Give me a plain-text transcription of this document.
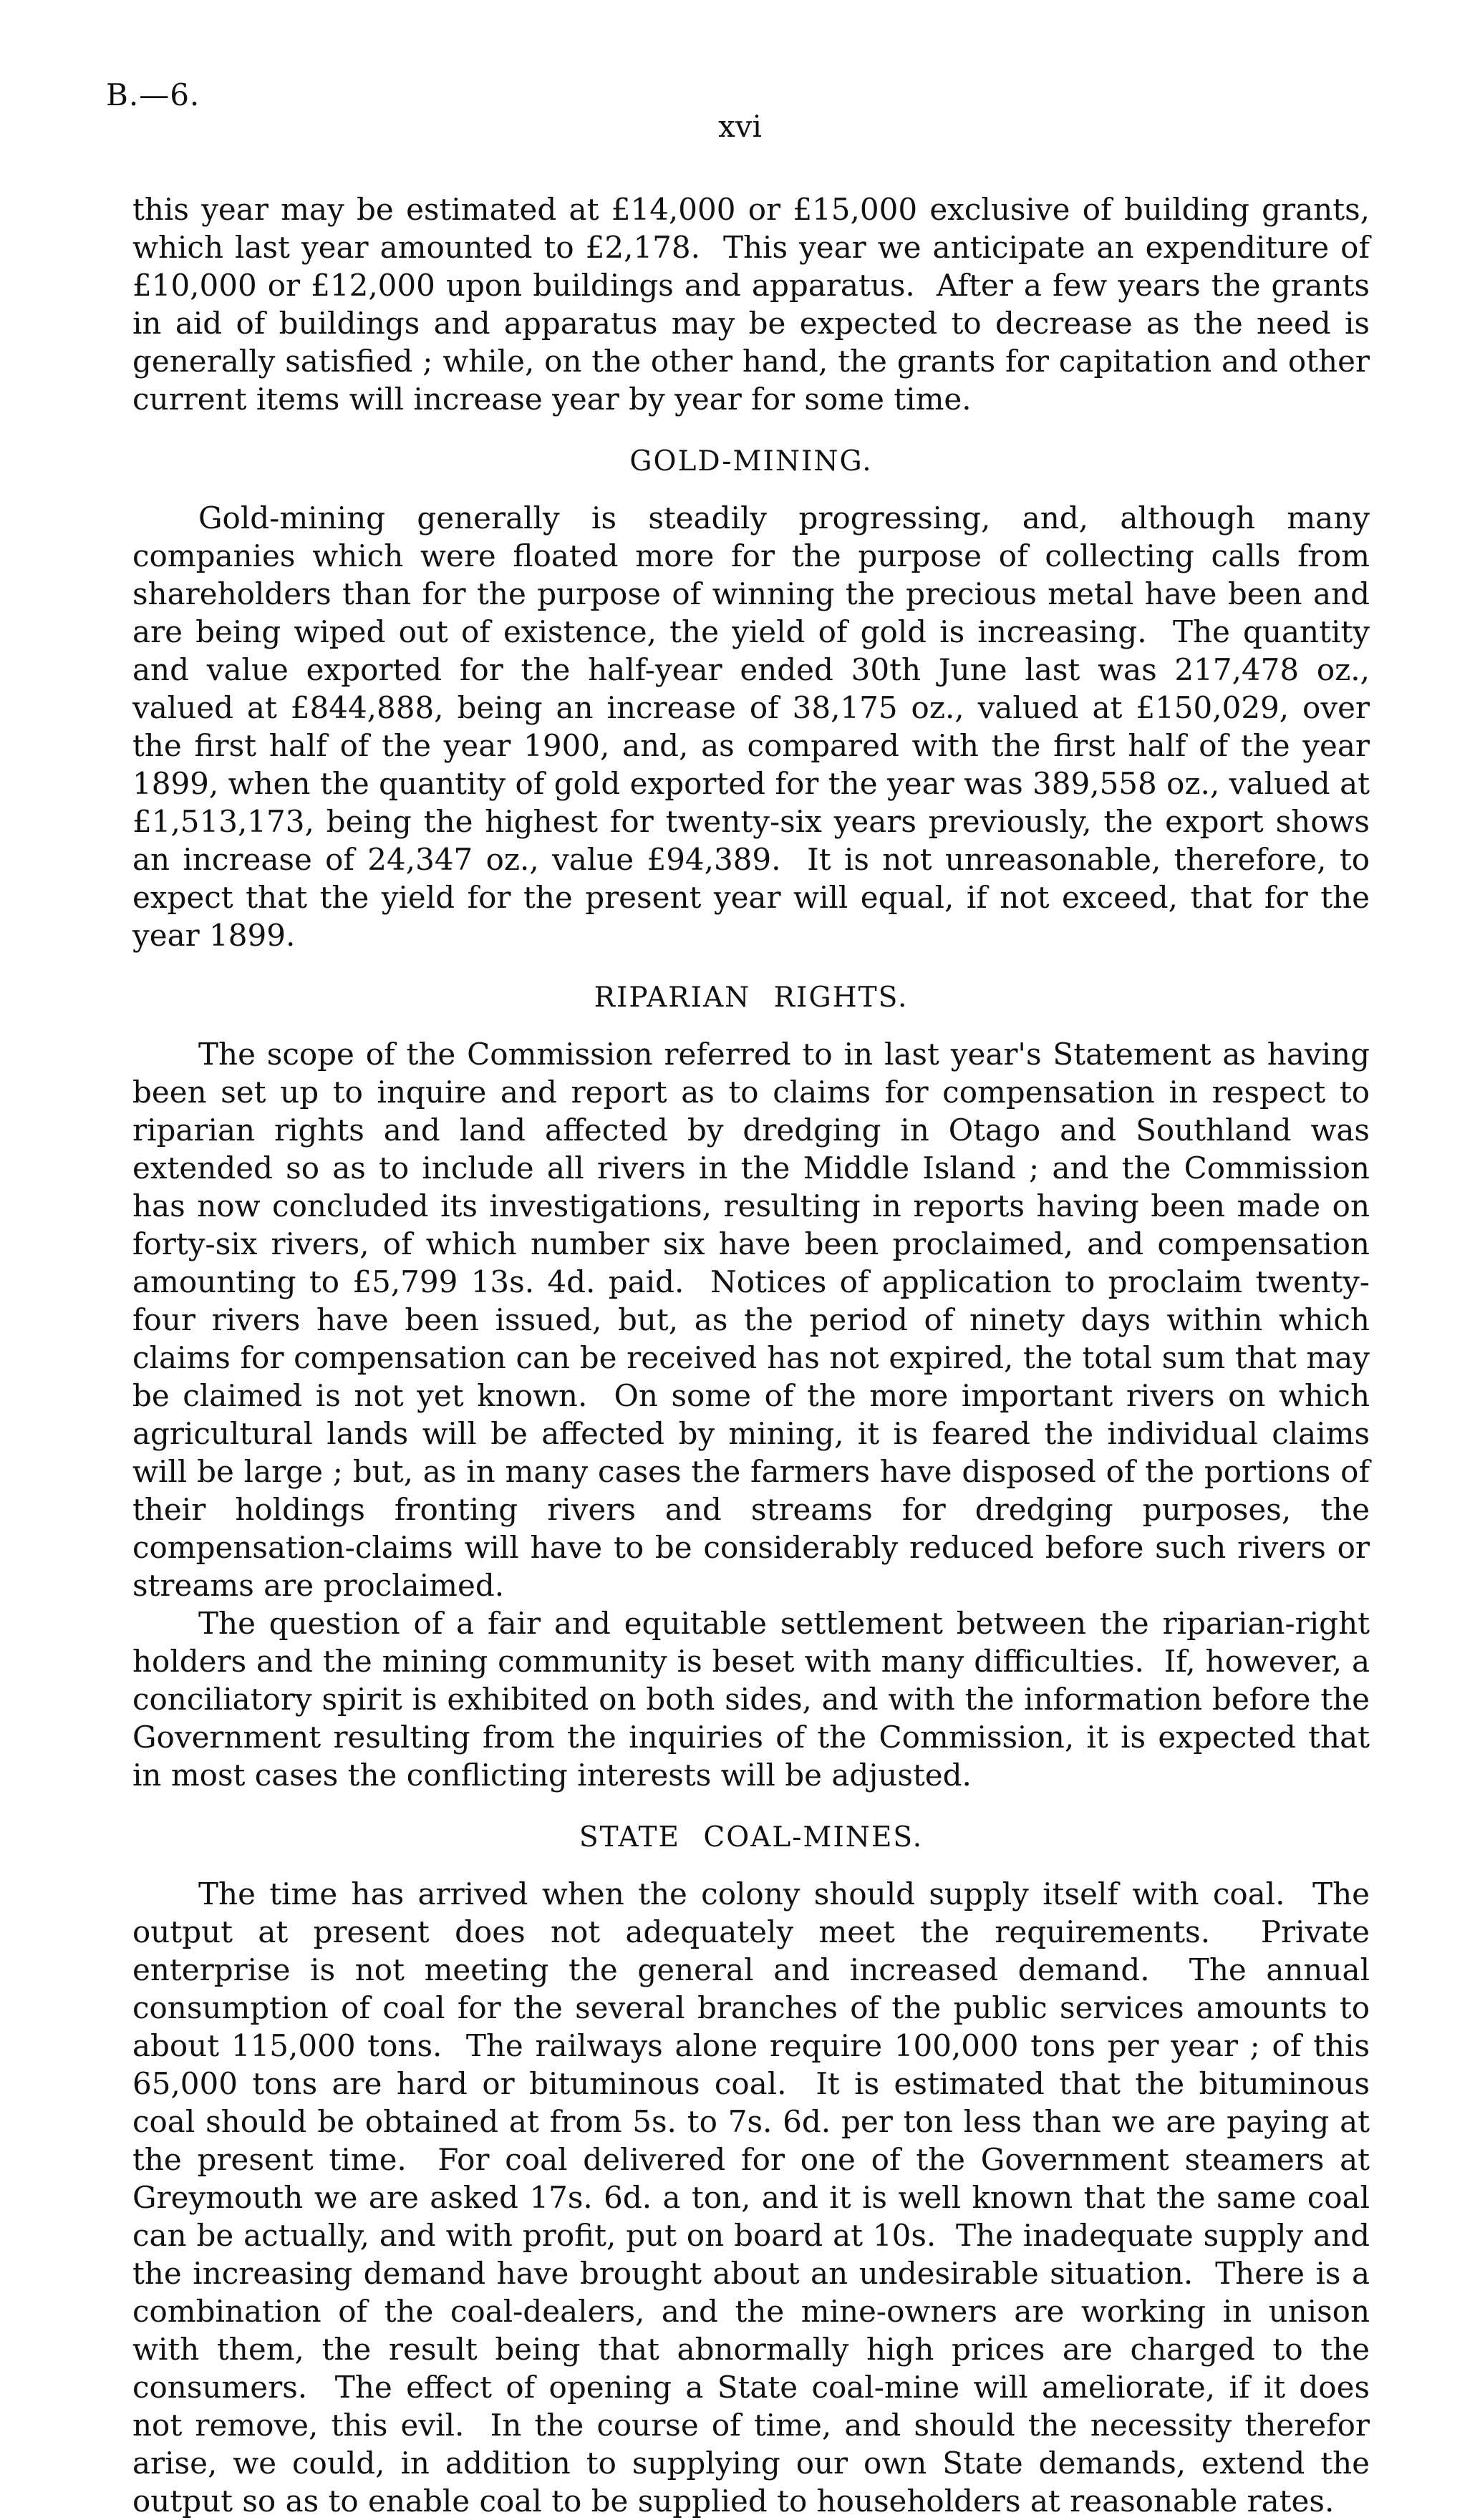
B.—6.
xvi

this year may be estimated at £14,000 or £15,000 exclusive of building grants, which last year amounted to £2,178.  This year we anticipate an expenditure of £10,000 or £12,000 upon buildings and apparatus.  After a few years the grants in aid of buildings and apparatus may be expected to decrease as the need is generally satisfied ; while, on the other hand, the grants for capitation and other current items will increase year by year for some time.

GOLD-MINING.

Gold-mining generally is steadily progressing, and, although many companies which were floated more for the purpose of collecting calls from shareholders than for the purpose of winning the precious metal have been and are being wiped out of existence, the yield of gold is increasing.  The quantity and value exported for the half-year ended 30th June last was 217,478 oz., valued at £844,888, being an increase of 38,175 oz., valued at £150,029, over the first half of the year 1900, and, as compared with the first half of the year 1899, when the quantity of gold exported for the year was 389,558 oz., valued at £1,513,173, being the highest for twenty-six years previously, the export shows an increase of 24,347 oz., value £94,389.  It is not unreasonable, therefore, to expect that the yield for the present year will equal, if not exceed, that for the year 1899.

RIPARIAN RIGHTS.

The scope of the Commission referred to in last year's Statement as having been set up to inquire and report as to claims for compensation in respect to riparian rights and land affected by dredging in Otago and Southland was extended so as to include all rivers in the Middle Island ; and the Commission has now concluded its investigations, resulting in reports having been made on forty-six rivers, of which number six have been proclaimed, and compensation amounting to £5,799 13s. 4d. paid.  Notices of application to proclaim twenty-four rivers have been issued, but, as the period of ninety days within which claims for compensation can be received has not expired, the total sum that may be claimed is not yet known.  On some of the more important rivers on which agricultural lands will be affected by mining, it is feared the individual claims will be large ; but, as in many cases the farmers have disposed of the portions of their holdings fronting rivers and streams for dredging purposes, the compensation-claims will have to be considerably reduced before such rivers or streams are proclaimed.

The question of a fair and equitable settlement between the riparian-right holders and the mining community is beset with many difficulties.  If, however, a conciliatory spirit is exhibited on both sides, and with the information before the Government resulting from the inquiries of the Commission, it is expected that in most cases the conflicting interests will be adjusted.

STATE COAL-MINES.

The time has arrived when the colony should supply itself with coal.  The output at present does not adequately meet the requirements.  Private enterprise is not meeting the general and increased demand.  The annual consumption of coal for the several branches of the public services amounts to about 115,000 tons.  The railways alone require 100,000 tons per year ; of this 65,000 tons are hard or bituminous coal.  It is estimated that the bituminous coal should be obtained at from 5s. to 7s. 6d. per ton less than we are paying at the present time.  For coal delivered for one of the Government steamers at Greymouth we are asked 17s. 6d. a ton, and it is well known that the same coal can be actually, and with profit, put on board at 10s.  The inadequate supply and the increasing demand have brought about an undesirable situation.  There is a combination of the coal-dealers, and the mine-owners are working in unison with them, the result being that abnormally high prices are charged to the consumers.  The effect of opening a State coal-mine will ameliorate, if it does not remove, this evil.  In the course of time, and should the necessity therefor arise, we could, in addition to supplying our own State demands, extend the output so as to enable coal to be supplied to householders at reasonable rates.
